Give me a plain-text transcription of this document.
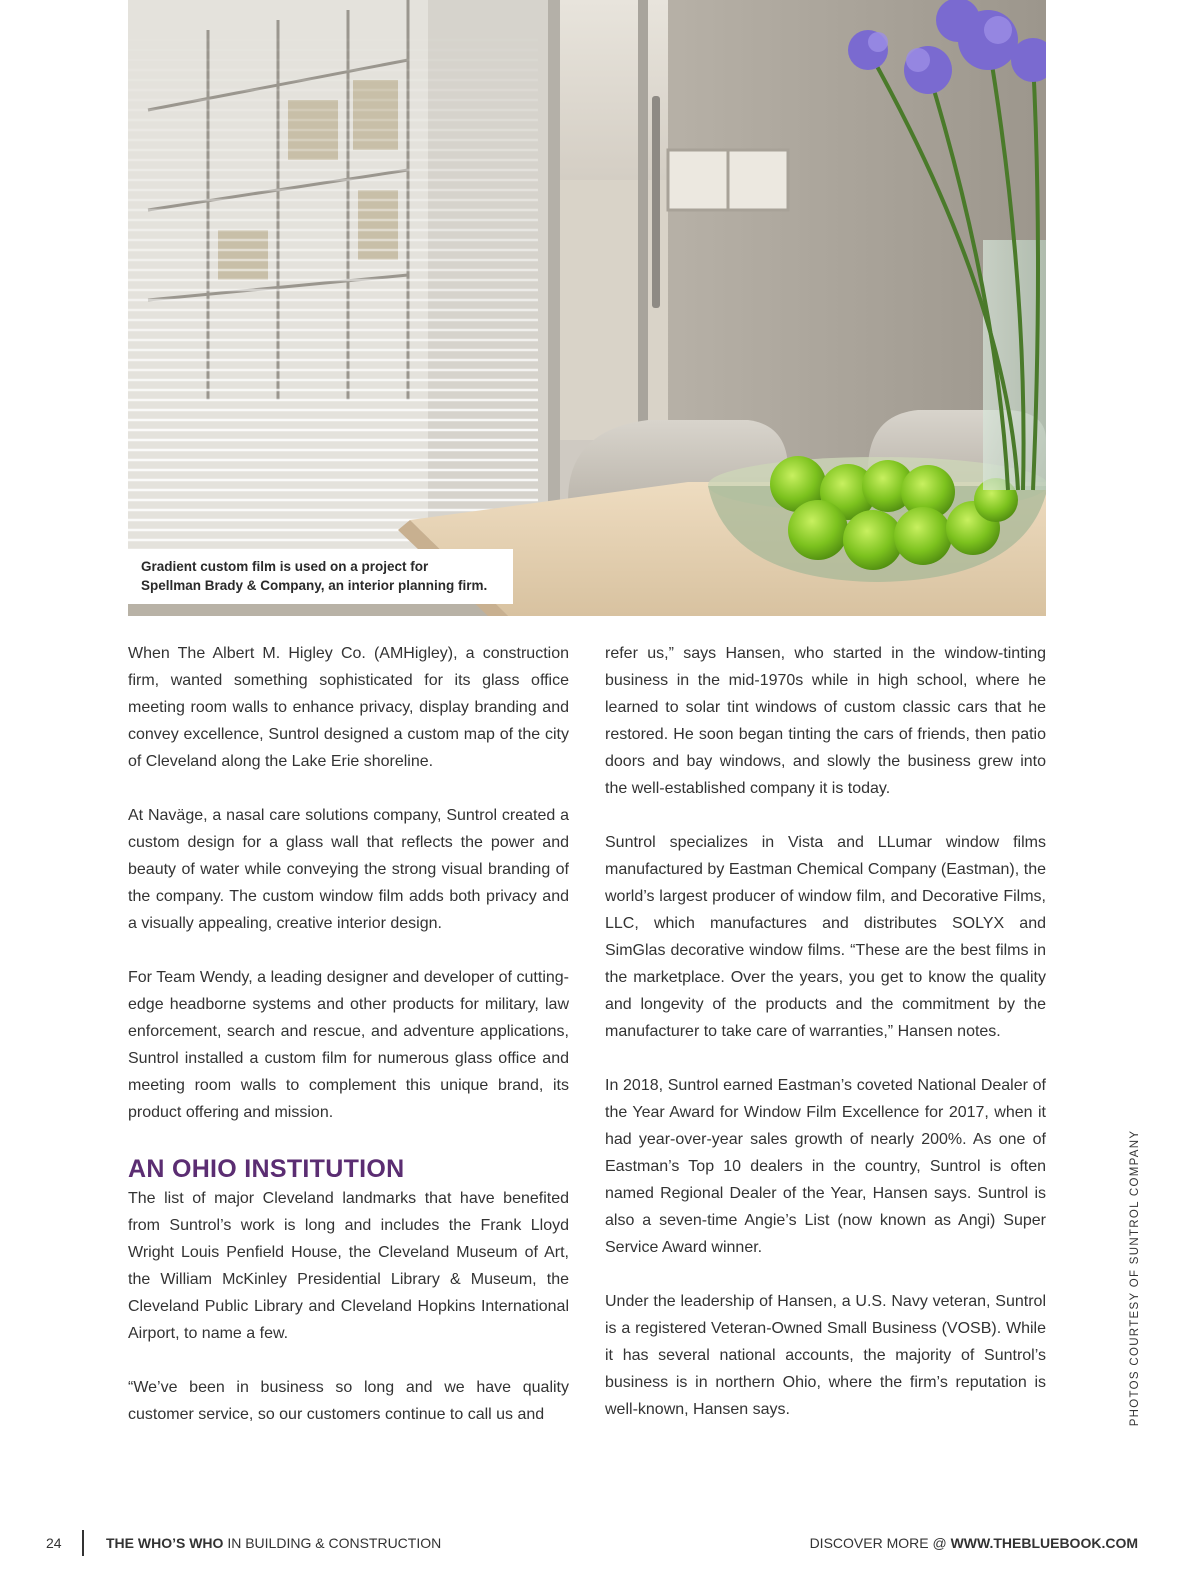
Gradient custom film is used on a project for
Spellman Brady & Company, an interior planning firm.

When The Albert M. Higley Co. (AMHigley), a construction firm, wanted something sophisticated for its glass office meeting room walls to enhance privacy, display branding and convey excellence, Suntrol designed a custom map of the city of Cleveland along the Lake Erie shoreline.

At Naväge, a nasal care solutions company, Suntrol created a custom design for a glass wall that reflects the power and beauty of water while conveying the strong visual branding of the company. The custom window film adds both privacy and a visually appealing, creative interior design.

For Team Wendy, a leading designer and developer of cutting-edge headborne systems and other products for military, law enforcement, search and rescue, and adventure applications, Suntrol installed a custom film for numerous glass office and meeting room walls to complement this unique brand, its product offering and mission.

AN OHIO INSTITUTION

The list of major Cleveland landmarks that have benefited from Suntrol’s work is long and includes the Frank Lloyd Wright Louis Penfield House, the Cleveland Museum of Art, the William McKinley Presidential Library & Museum, the Cleveland Public Library and Cleveland Hopkins International Airport, to name a few.

“We’ve been in business so long and we have quality customer service, so our customers continue to call us and

refer us,” says Hansen, who started in the window-tinting business in the mid-1970s while in high school, where he learned to solar tint windows of custom classic cars that he restored. He soon began tinting the cars of friends, then patio doors and bay windows, and slowly the business grew into the well-established company it is today.

Suntrol specializes in Vista and LLumar window films manufactured by Eastman Chemical Company (Eastman), the world’s largest producer of window film, and Decorative Films, LLC, which manufactures and distributes SOLYX and SimGlas decorative window films. “These are the best films in the marketplace. Over the years, you get to know the quality and longevity of the products and the commitment by the manufacturer to take care of warranties,” Hansen notes.

In 2018, Suntrol earned Eastman’s coveted National Dealer of the Year Award for Window Film Excellence for 2017, when it had year-over-year sales growth of nearly 200%. As one of Eastman’s Top 10 dealers in the country, Suntrol is often named Regional Dealer of the Year, Hansen says. Suntrol is also a seven-time Angie’s List (now known as Angi) Super Service Award winner.

Under the leadership of Hansen, a U.S. Navy veteran, Suntrol is a registered Veteran-Owned Small Business (VOSB). While it has several national accounts, the majority of Suntrol’s business is in northern Ohio, where the firm’s reputation is well-known, Hansen says.	PHOTOS COURTESY OF SUNTROL COMPANY
24	THE WHO’S WHO IN BUILDING & CONSTRUCTION	DISCOVER MORE @ WWW.THEBLUEBOOK.COM
